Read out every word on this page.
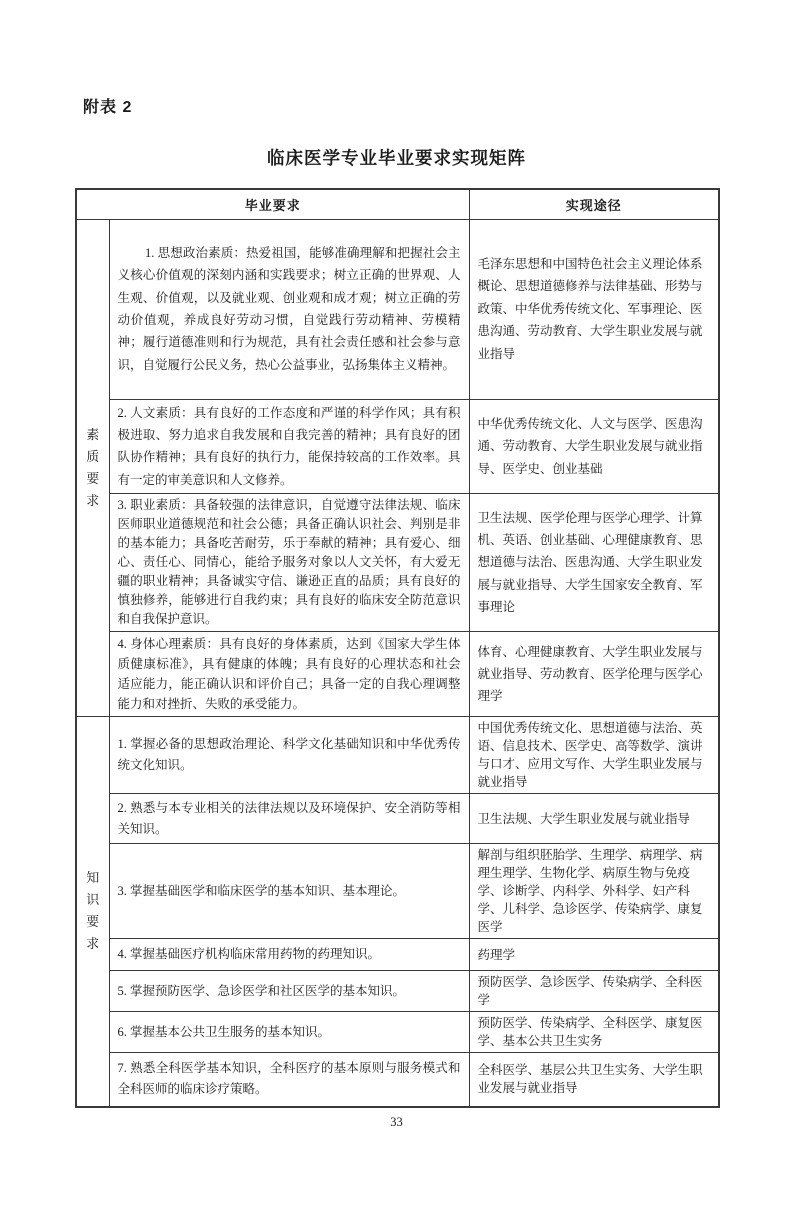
附表 2
临床医学专业毕业要求实现矩阵
毕业要求		实现途径

素质要求	1. 思想政治素质：热爱祖国，能够准确理解和把握社会主义核心价值观的深刻内涵和实践要求；树立正确的世界观、人生观、价值观，以及就业观、创业观和成才观；树立正确的劳动价值观，养成良好劳动习惯，自觉践行劳动精神、劳模精神；履行道德准则和行为规范，具有社会责任感和社会参与意识，自觉履行公民义务，热心公益事业，弘扬集体主义精神。	毛泽东思想和中国特色社会主义理论体系概论、思想道德修养与法律基础、形势与政策、中华优秀传统文化、军事理论、医患沟通、劳动教育、大学生职业发展与就业指导

	2. 人文素质：具有良好的工作态度和严谨的科学作风；具有积极进取、努力追求自我发展和自我完善的精神；具有良好的团队协作精神；具有良好的执行力，能保持较高的工作效率。具有一定的审美意识和人文修养。	中华优秀传统文化、人文与医学、医患沟通、劳动教育、大学生职业发展与就业指导、医学史、创业基础

	3. 职业素质：具备较强的法律意识，自觉遵守法律法规、临床医师职业道德规范和社会公德；具备正确认识社会、判别是非的基本能力；具备吃苦耐劳，乐于奉献的精神；具有爱心、细心、责任心、同情心，能给予服务对象以人文关怀，有大爱无疆的职业精神；具备诚实守信、谦逊正直的品质；具有良好的慎独修养，能够进行自我约束；具有良好的临床安全防范意识和自我保护意识。	卫生法规、医学伦理与医学心理学、计算机、英语、创业基础、心理健康教育、思想道德与法治、医患沟通、大学生职业发展与就业指导、大学生国家安全教育、军事理论

	4. 身体心理素质：具有良好的身体素质，达到《国家大学生体质健康标准》，具有健康的体魄；具有良好的心理状态和社会适应能力，能正确认识和评价自己；具备一定的自我心理调整能力和对挫折、失败的承受能力。	体育、心理健康教育、大学生职业发展与就业指导、劳动教育、医学伦理与医学心理学

知识要求	1. 掌握必备的思想政治理论、科学文化基础知识和中华优秀传统文化知识。	中国优秀传统文化、思想道德与法治、英语、信息技术、医学史、高等数学、演讲与口才、应用文写作、大学生职业发展与就业指导

	2. 熟悉与本专业相关的法律法规以及环境保护、安全消防等相关知识。	卫生法规、大学生职业发展与就业指导

	3. 掌握基础医学和临床医学的基本知识、基本理论。	解剖与组织胚胎学、生理学、病理学、病理生理学、生物化学、病原生物与免疫学、诊断学、内科学、外科学、妇产科学、儿科学、急诊医学、传染病学、康复医学

	4. 掌握基础医疗机构临床常用药物的药理知识。	药理学

	5. 掌握预防医学、急诊医学和社区医学的基本知识。	预防医学、急诊医学、传染病学、全科医学

	6. 掌握基本公共卫生服务的基本知识。	预防医学、传染病学、全科医学、康复医学、基本公共卫生实务

	7. 熟悉全科医学基本知识，全科医疗的基本原则与服务模式和全科医师的临床诊疗策略。	全科医学、基层公共卫生实务、大学生职业发展与就业指导

33
